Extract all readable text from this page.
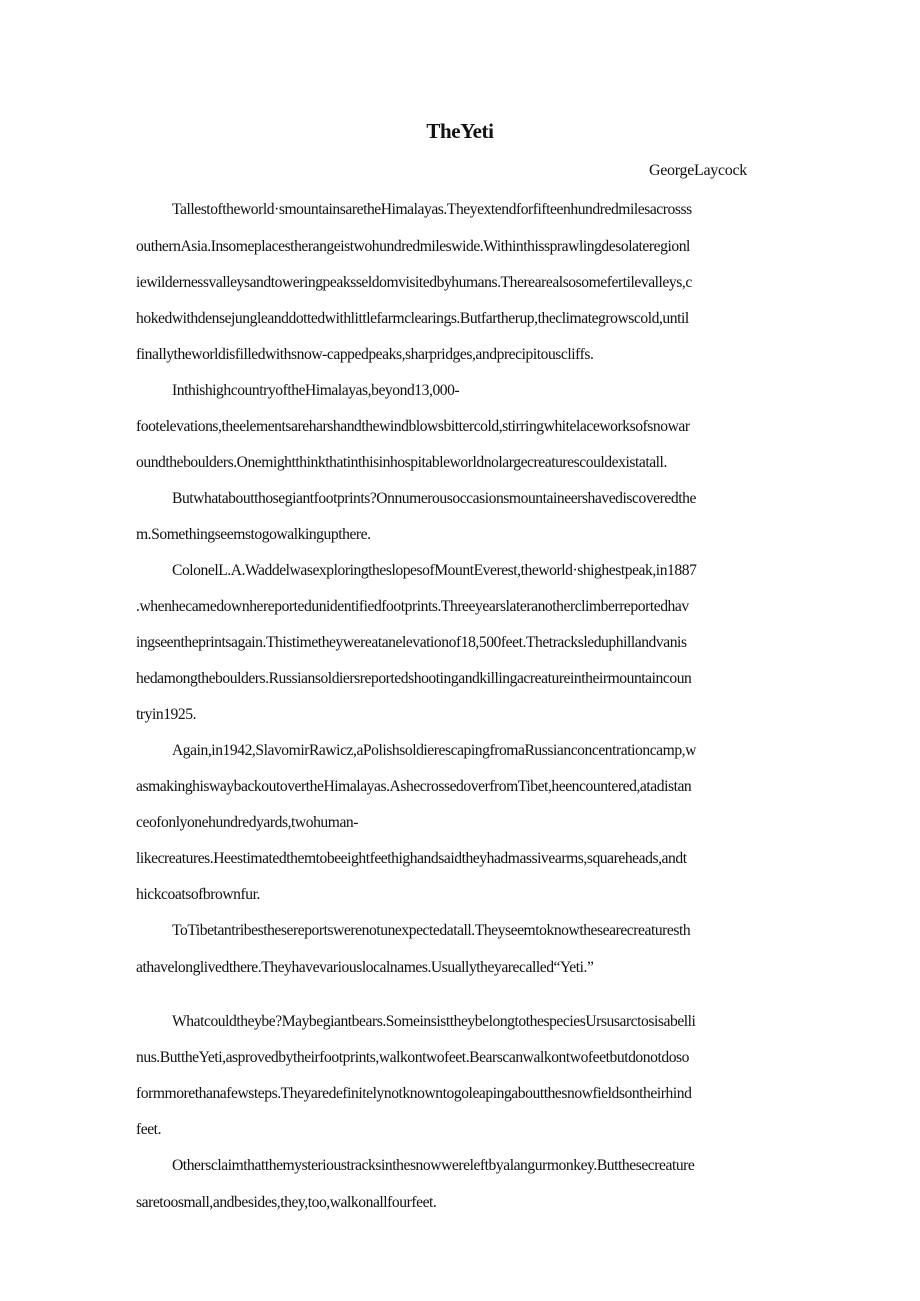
TheYeti
GeorgeLaycock
Tallestoftheworld·smountainsaretheHimalayas.Theyextendforfifteenhundredmilesacrosss
outhernAsia.Insomeplacestherangeistwohundredmileswide.Withinthissprawlingdesolateregionl
iewildernessvalleysandtoweringpeaksseldomvisitedbyhumans.Therearealsosomefertilevalleys,c
hokedwithdensejungleanddottedwithlittlefarmclearings.Butfartherup,theclimategrowscold,until
finallytheworldisfilledwithsnow-cappedpeaks,sharpridges,andprecipitouscliffs.
InthishighcountryoftheHimalayas,beyond13,000-
footelevations,theelementsareharshandthewindblowsbittercold,stirringwhitelaceworksofsnowar
oundtheboulders.Onemightthinkthatinthisinhospitableworldnolargecreaturescouldexistatall.
Butwhataboutthosegiantfootprints?Onnumerousoccasionsmountaineershavediscoveredthe
m.Somethingseemstogowalkingupthere.
ColonelL.A.WaddelwasexploringtheslopesofMountEverest,theworld·shighestpeak,in1887
.whenhecamedownhereportedunidentifiedfootprints.Threeyearslateranotherclimberreportedhav
ingseentheprintsagain.Thistimetheywereatanelevationof18,500feet.Thetracksleduphillandvanis
hedamongtheboulders.Russiansoldiersreportedshootingandkillingacreatureintheirmountaincoun
tryin1925.
Again,in1942,SlavomirRawicz,aPolishsoldierescapingfromaRussianconcentrationcamp,w
asmakinghiswaybackoutovertheHimalayas.AshecrossedoverfromTibet,heencountered,atadistan
ceofonlyonehundredyards,twohuman-
likecreatures.Heestimatedthemtobeeightfeethighandsaidtheyhadmassivearms,squareheads,andt
hickcoatsofbrownfur.
ToTibetantribesthesereportswerenotunexpectedatall.Theyseemtoknowthesearecreaturesth
athavelonglivedthere.Theyhavevariouslocalnames.Usuallytheyarecalled“Yeti.”
Whatcouldtheybe?Maybegiantbears.SomeinsisttheybelongtothespeciesUrsusarctosisabelli
nus.ButtheYeti,asprovedbytheirfootprints,walkontwofeet.Bearscanwalkontwofeetbutdonotdoso
formmorethanafewsteps.Theyaredefinitelynotknowntogoleapingaboutthesnowfieldsontheirhind
feet.
Othersclaimthatthemysterioustracksinthesnowwereleftbyalangurmonkey.Butthesecreature
saretoosmall,andbesides,they,too,walkonallfourfeet.
